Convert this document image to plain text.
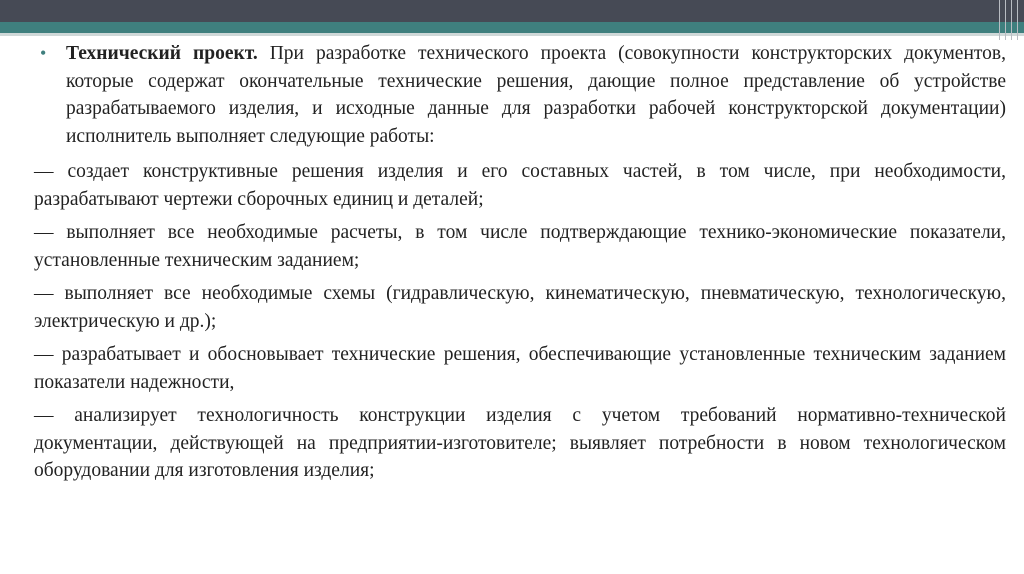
• Технический проект. При разработке технического проекта (совокупности конструкторских документов, которые содержат окончательные технические решения, дающие полное представление об устройстве разрабатываемого изделия, и исходные данные для разработки рабочей конструкторской документации) исполнитель выполняет следующие работы:

— создает конструктивные решения изделия и его составных частей, в том числе, при необходимости, разрабатывают чертежи сборочных единиц и деталей;

— выполняет все необходимые расчеты, в том числе подтверждающие технико-экономические показатели, установленные техническим заданием;

— выполняет все необходимые схемы (гидравлическую, кинематическую, пневматическую, технологическую, электрическую и др.);

— разрабатывает и обосновывает технические решения, обеспечивающие установленные техническим заданием показатели надежности,

— анализирует технологичность конструкции изделия с учетом требований нормативно-технической документации, действующей на предприятии-изготовителе; выявляет потребности в новом технологическом оборудовании для изготовления изделия;
